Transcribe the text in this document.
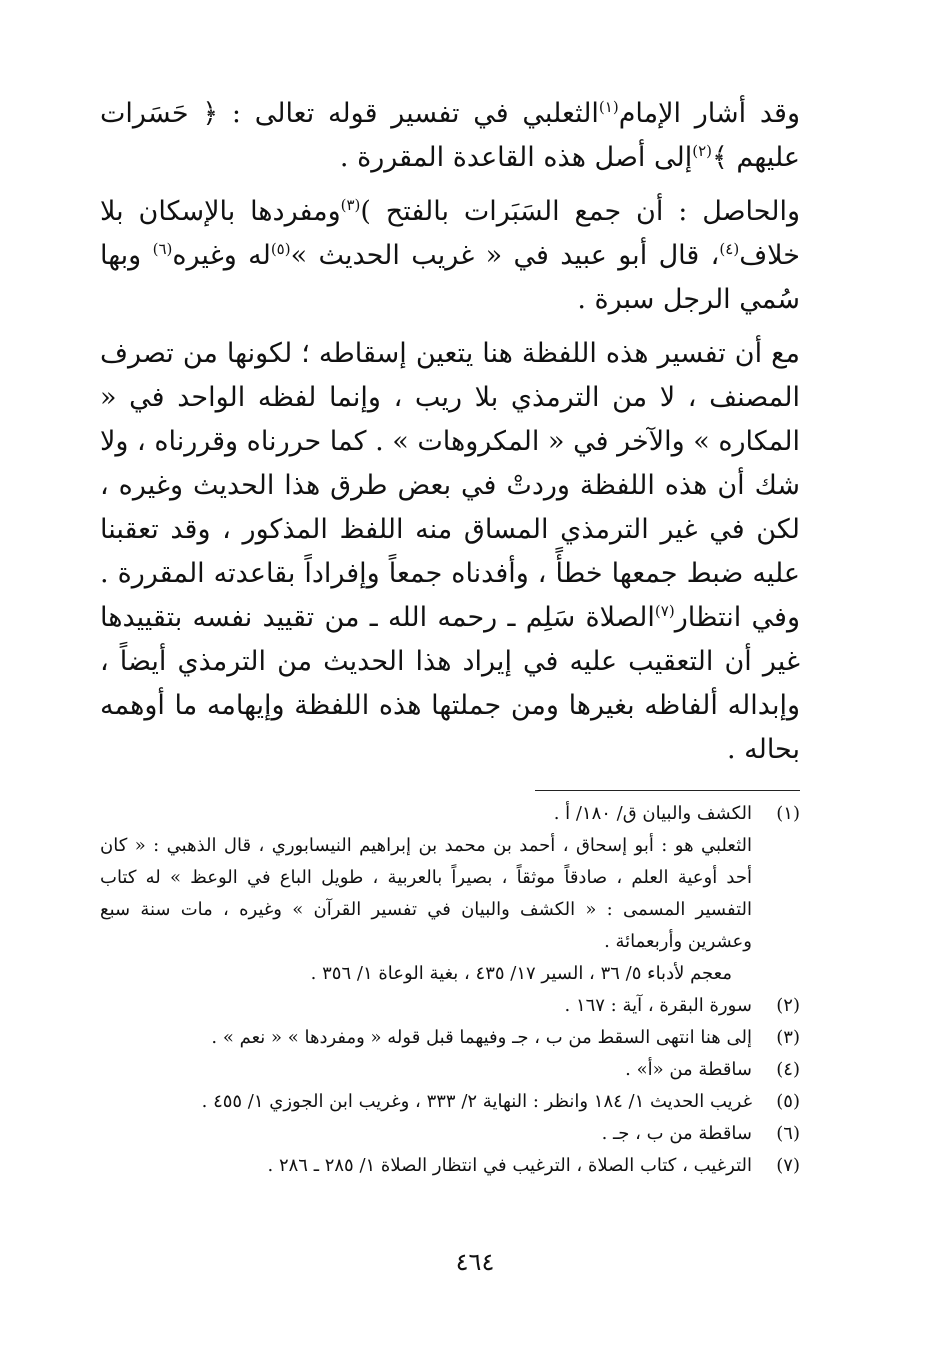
وقد أشار الإمام$^{(١)}$الثعلبي في تفسير قوله تعالى : ﴿ حَسَرات عليهم ﴾$^{(٢)}$إلى أصل هذه القاعدة المقررة .

والحاصل : أن جمع السَبَرات بالفتح )$^{(٣)}$ومفردها بالإسكان بلا خلاف$^{(٤)}$، قال أبو عبيد في « غريب الحديث »$^{(٥)}$له وغيره$^{(٦)}$ وبها سُمي الرجل سبرة .

مع أن تفسير هذه اللفظة هنا يتعين إسقاطه ؛ لكونها من تصرف المصنف ، لا من الترمذي بلا ريب ، وإنما لفظه الواحد في « المكاره » والآخر في « المكروهات » . كما حررناه وقررناه ، ولا شك أن هذه اللفظة وردتْ في بعض طرق هذا الحديث وغيره ، لكن في غير الترمذي المساق منه اللفظ المذكور ، وقد تعقبنا عليه ضبط جمعها خطأً ، وأفدناه جمعاً وإفراداً بقاعدته المقررة . وفي انتظار$^{(٧)}$الصلاة سَلِم ـ رحمه الله ـ من تقييد نفسه بتقييدها غير أن التعقيب عليه في إيراد هذا الحديث من الترمذي أيضاً ، وإبداله ألفاظه بغيرها ومن جملتها هذه اللفظة وإيهامه ما أوهمه بحاله .

(١)
الكشف والبيان ق/ ١٨٠/ أ .
الثعلبي هو : أبو إسحاق ، أحمد بن محمد بن إبراهيم النيسابوري ، قال الذهبي : « كان أحد أوعية العلم ، صادقاً موثقاً ، بصيراً بالعربية ، طويل الباع في الوعظ » له كتاب التفسير المسمى : « الكشف والبيان في تفسير القرآن » وغيره ، مات سنة سبع وعشرين وأربعمائة .
معجم لأدباء ٥/ ٣٦ ، السير ١٧/ ٤٣٥ ، بغية الوعاة ١/ ٣٥٦ .
(٢)
سورة البقرة ، آية : ١٦٧ .
(٣)
إلى هنا انتهى السقط من ب ، جـ وفيهما قبل قوله « ومفردها » « نعم » .
(٤)
ساقطة من «أ» .
(٥)
غريب الحديث ١/ ١٨٤ وانظر : النهاية ٢/ ٣٣٣ ، وغريب ابن الجوزي ١/ ٤٥٥ .
(٦)
ساقطة من ب ، جـ .
(٧)
الترغيب ، كتاب الصلاة ، الترغيب في انتظار الصلاة ١/ ٢٨٥ ـ ٢٨٦ .
٤٦٤
